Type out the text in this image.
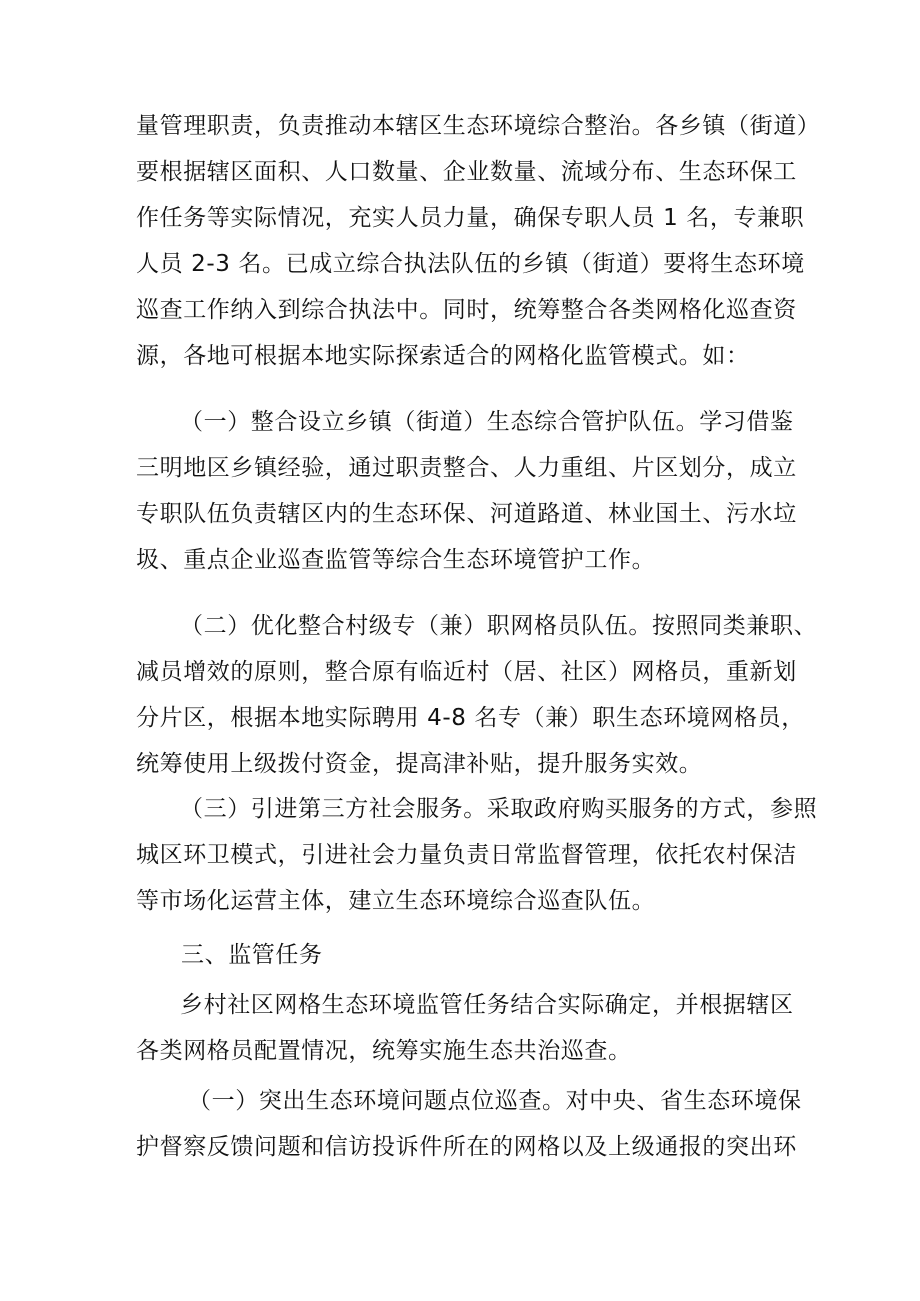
量管理职责，负责推动本辖区生态环境综合整治。各乡镇（街道）
要根据辖区面积、人口数量、企业数量、流域分布、生态环保工
作任务等实际情况，充实人员力量，确保专职人员 1 名，专兼职
人员 2-3 名。已成立综合执法队伍的乡镇（街道）要将生态环境
巡查工作纳入到综合执法中。同时，统筹整合各类网格化巡查资
源，各地可根据本地实际探索适合的网格化监管模式。如：
（一）整合设立乡镇（街道）生态综合管护队伍。学习借鉴
三明地区乡镇经验，通过职责整合、人力重组、片区划分，成立
专职队伍负责辖区内的生态环保、河道路道、林业国土、污水垃
圾、重点企业巡查监管等综合生态环境管护工作。
（二）优化整合村级专（兼）职网格员队伍。按照同类兼职、
减员增效的原则，整合原有临近村（居、社区）网格员，重新划
分片区，根据本地实际聘用 4-8 名专（兼）职生态环境网格员，
统筹使用上级拨付资金，提高津补贴，提升服务实效。
（三）引进第三方社会服务。采取政府购买服务的方式，参照
城区环卫模式，引进社会力量负责日常监督管理，依托农村保洁
等市场化运营主体，建立生态环境综合巡查队伍。
三、监管任务
乡村社区网格生态环境监管任务结合实际确定，并根据辖区
各类网格员配置情况，统筹实施生态共治巡查。
（一）突出生态环境问题点位巡查。对中央、省生态环境保
护督察反馈问题和信访投诉件所在的网格以及上级通报的突出环
